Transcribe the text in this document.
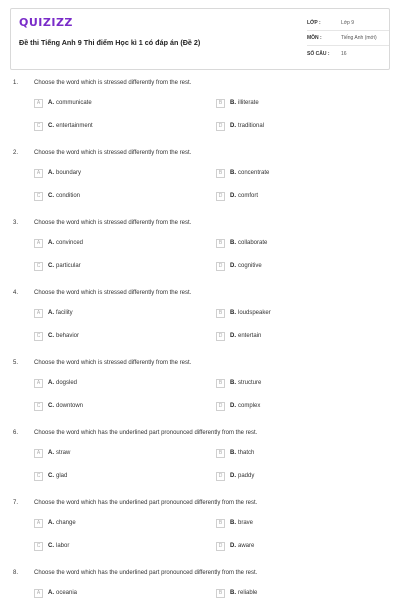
QUIZIZZ
Đề thi Tiếng Anh 9 Thi điểm Học kì 1 có đáp án (Đề 2)
LỚP :	Lớp 9
MÔN :	Tiếng Anh (mới)
SỐ CÂU :	16
1.	Choose the word which is stressed differently from the rest.
A	A. communicate	B	B. illiterate
C	C. entertainment	D	D. traditional
2.	Choose the word which is stressed differently from the rest.
A	A. boundary	B	B. concentrate
C	C. condition	D	D. comfort
3.	Choose the word which is stressed differently from the rest.
A	A. convinced	B	B. collaborate
C	C. particular	D	D. cognitive
4.	Choose the word which is stressed differently from the rest.
A	A. facility	B	B. loudspeaker
C	C. behavior	D	D. entertain
5.	Choose the word which is stressed differently from the rest.
A	A. dogsled	B	B. structure
C	C. downtown	D	D. complex
6.	Choose the word which has the underlined part pronounced differently from the rest.
A	A. straw	B	B. thatch
C	C. glad	D	D. paddy
7.	Choose the word which has the underlined part pronounced differently from the rest.
A	A. change	B	B. brave
C	C. labor	D	D. aware
8.	Choose the word which has the underlined part pronounced differently from the rest.
A	A. oceania	B	B. reliable
